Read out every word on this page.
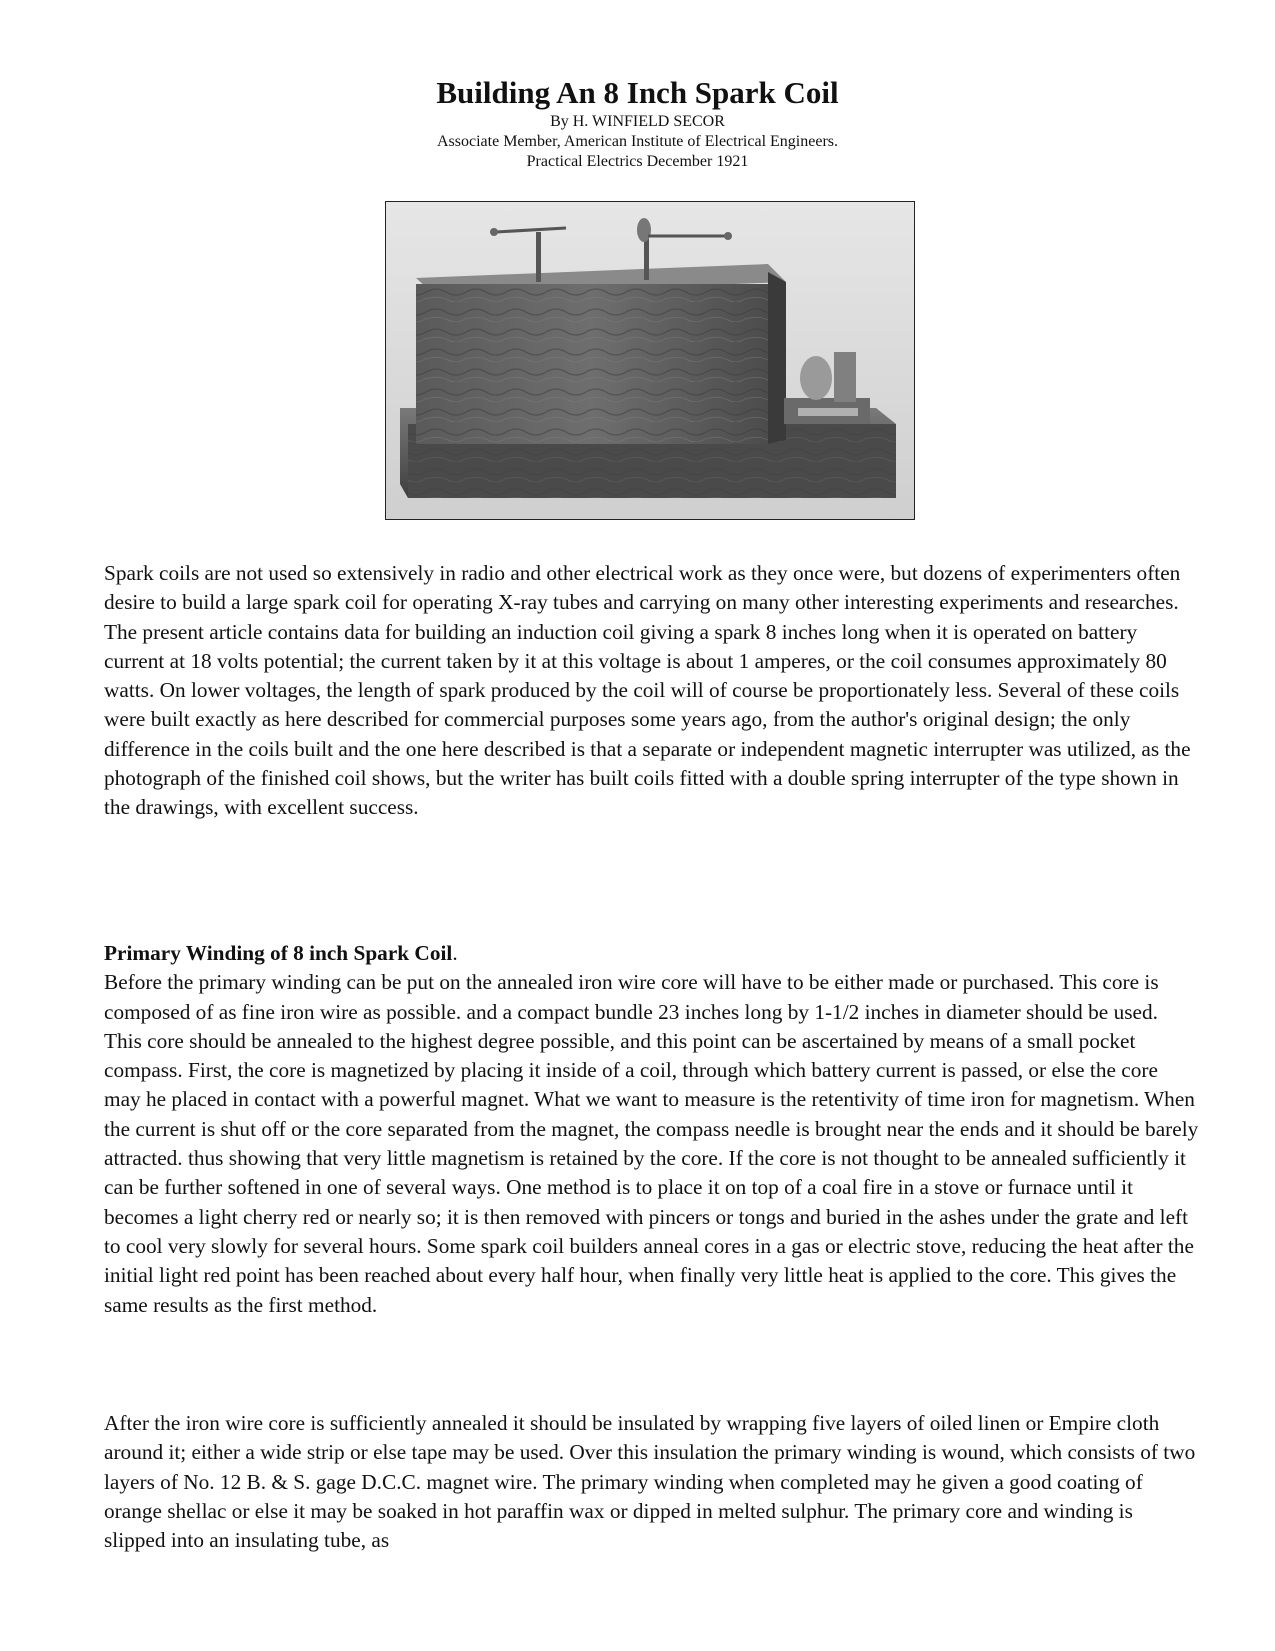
Building An 8 Inch Spark Coil

By H. WINFIELD SECOR

Associate Member, American Institute of Electrical Engineers.

Practical Electrics December 1921

Spark coils are not used so extensively in radio and other electrical work as they once were, but dozens of experimenters often desire to build a large spark coil for operating X-ray tubes and carrying on many other interesting experiments and researches. The present article contains data for building an induction coil giving a spark 8 inches long when it is operated on battery current at 18 volts potential; the current taken by it at this voltage is about 1 amperes, or the coil consumes approximately 80 watts. On lower voltages, the length of spark produced by the coil will of course be proportionately less. Several of these coils were built exactly as here described for commercial purposes some years ago, from the author's original design; the only difference in the coils built and the one here described is that a separate or independent magnetic interrupter was utilized, as the photograph of the finished coil shows, but the writer has built coils fitted with a double spring interrupter of the type shown in the drawings, with excellent success.

Primary Winding of 8 inch Spark Coil.
Before the primary winding can be put on the annealed iron wire core will have to be either made or purchased. This core is composed of as fine iron wire as possible. and a compact bundle 23 inches long by 1-1/2 inches in diameter should be used. This core should be annealed to the highest degree possible, and this point can be ascertained by means of a small pocket compass. First, the core is magnetized by placing it inside of a coil, through which battery current is passed, or else the core may he placed in contact with a powerful magnet. What we want to measure is the retentivity of time iron for magnetism. When the current is shut off or the core separated from the magnet, the compass needle is brought near the ends and it should be barely attracted. thus showing that very little magnetism is retained by the core. If the core is not thought to be annealed sufficiently it can be further softened in one of several ways. One method is to place it on top of a coal fire in a stove or furnace until it becomes a light cherry red or nearly so; it is then removed with pincers or tongs and buried in the ashes under the grate and left to cool very slowly for several hours. Some spark coil builders anneal cores in a gas or electric stove, reducing the heat after the initial light red point has been reached about every half hour, when finally very little heat is applied to the core. This gives the same results as the first method.

After the iron wire core is sufficiently annealed it should be insulated by wrapping five layers of oiled linen or Empire cloth around it; either a wide strip or else tape may be used. Over this insulation the primary winding is wound, which consists of two layers of No. 12 B. & S. gage D.C.C. magnet wire. The primary winding when completed may he given a good coating of orange shellac or else it may be soaked in hot paraffin wax or dipped in melted sulphur. The primary core and winding is slipped into an insulating tube, as
